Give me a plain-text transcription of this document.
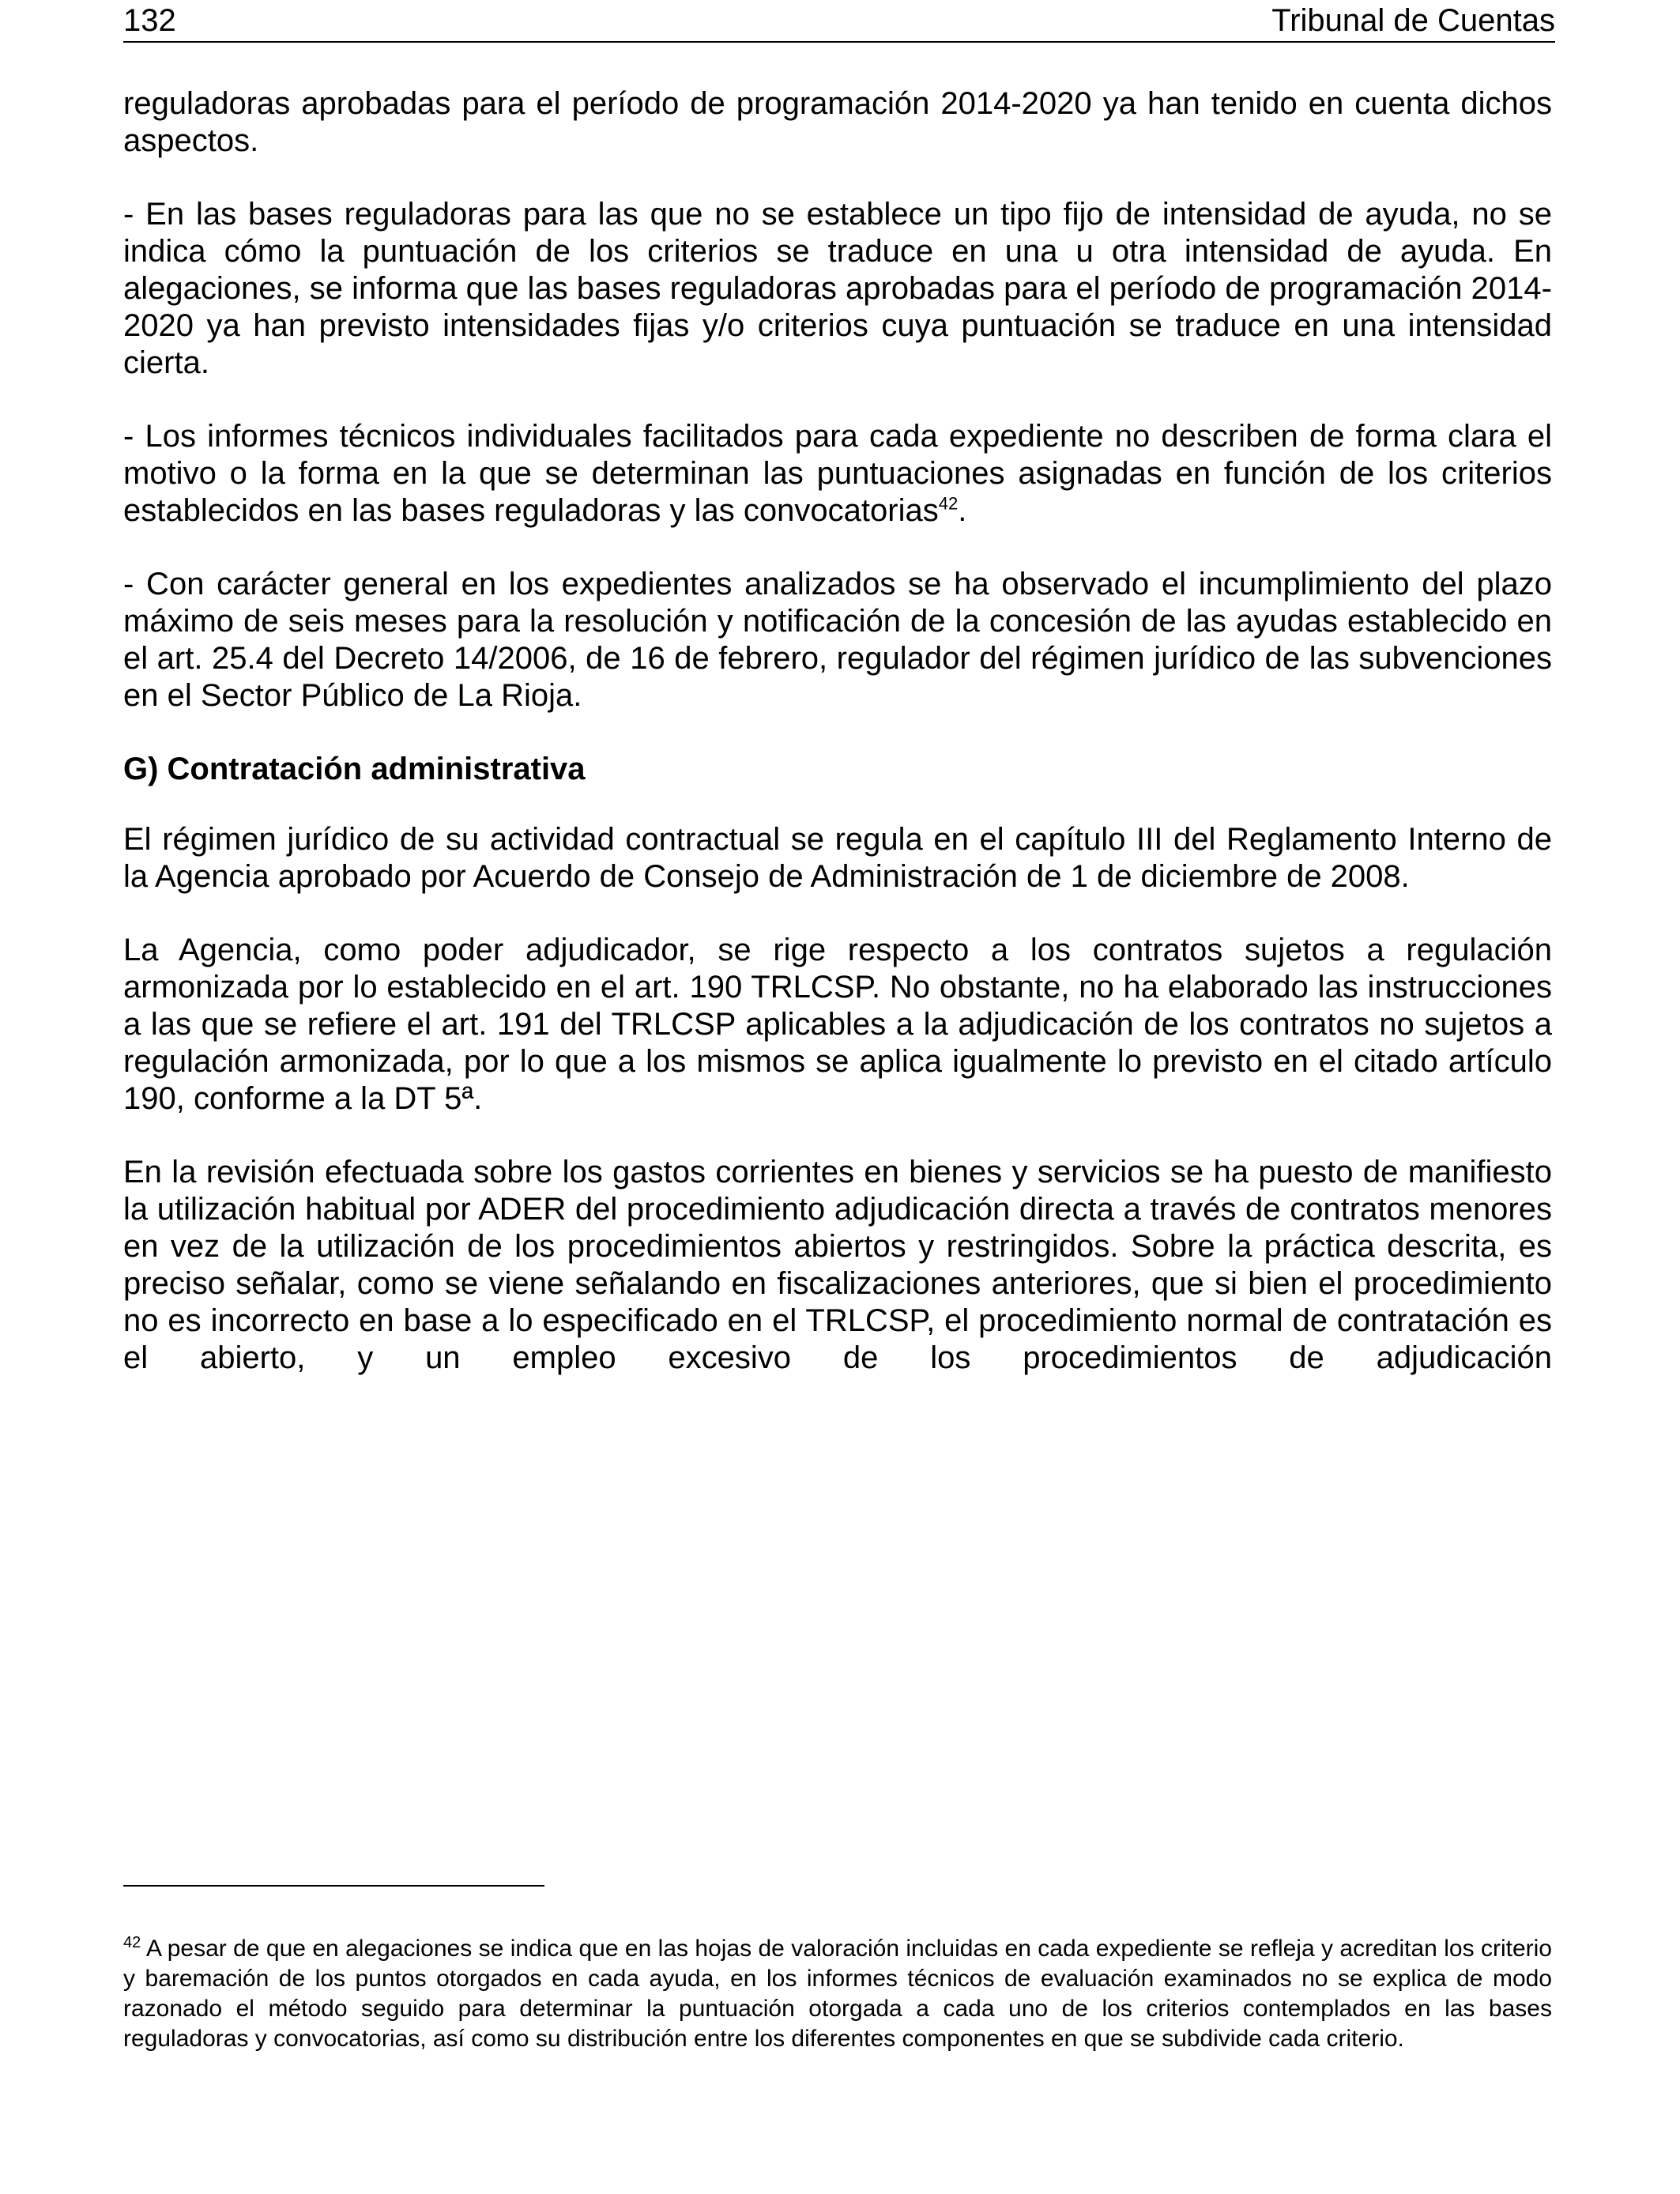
132	Tribunal de Cuentas

reguladoras aprobadas para el período de programación 2014-2020 ya han tenido en cuenta dichos aspectos.

- En las bases reguladoras para las que no se establece un tipo fijo de intensidad de ayuda, no se indica cómo la puntuación de los criterios se traduce en una u otra intensidad de ayuda. En alegaciones, se informa que las bases reguladoras aprobadas para el período de programación 2014-2020 ya han previsto intensidades fijas y/o criterios cuya puntuación se traduce en una intensidad cierta.

- Los informes técnicos individuales facilitados para cada expediente no describen de forma clara el motivo o la forma en la que se determinan las puntuaciones asignadas en función de los criterios establecidos en las bases reguladoras y las convocatorias$^{42}$.

- Con carácter general en los expedientes analizados se ha observado el incumplimiento del plazo máximo de seis meses para la resolución y notificación de la concesión de las ayudas establecido en el art. 25.4 del Decreto 14/2006, de 16 de febrero, regulador del régimen jurídico de las subvenciones en el Sector Público de La Rioja.

G) Contratación administrativa

El régimen jurídico de su actividad contractual se regula en el capítulo III del Reglamento Interno de la Agencia aprobado por Acuerdo de Consejo de Administración de 1 de diciembre de 2008.

La Agencia, como poder adjudicador, se rige respecto a los contratos sujetos a regulación armonizada por lo establecido en el art. 190 TRLCSP. No obstante, no ha elaborado las instrucciones a las que se refiere el art. 191 del TRLCSP aplicables a la adjudicación de los contratos no sujetos a regulación armonizada, por lo que a los mismos se aplica igualmente lo previsto en el citado artículo 190, conforme a la DT 5ª.

En la revisión efectuada sobre los gastos corrientes en bienes y servicios se ha puesto de manifiesto la utilización habitual por ADER del procedimiento adjudicación directa a través de contratos menores en vez de la utilización de los procedimientos abiertos y restringidos. Sobre la práctica descrita, es preciso señalar, como se viene señalando en fiscalizaciones anteriores, que si bien el procedimiento no es incorrecto en base a lo especificado en el TRLCSP, el procedimiento normal de contratación es el abierto, y un empleo excesivo de los procedimientos de adjudicación

$^{42}$ A pesar de que en alegaciones se indica que en las hojas de valoración incluidas en cada expediente se refleja y acreditan los criterio y baremación de los puntos otorgados en cada ayuda, en los informes técnicos de evaluación examinados no se explica de modo razonado el método seguido para determinar la puntuación otorgada a cada uno de los criterios contemplados en las bases reguladoras y convocatorias, así como su distribución entre los diferentes componentes en que se subdivide cada criterio.
